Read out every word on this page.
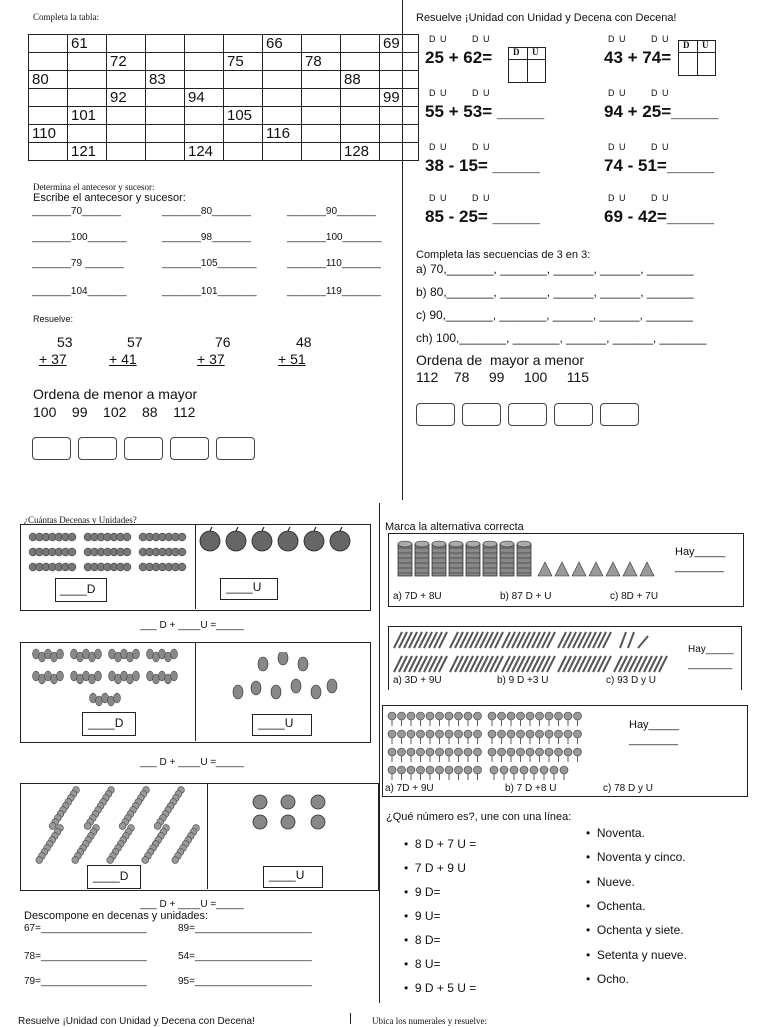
Completa la tabla:
	61					66			69
		72			75		78		
80			83					88	
		92		94					99
	101				105				
110						116			
	121			124				128	
Determina el antecesor y sucesor:
Escribe el antecesor y sucesor:
Resuelve:
Ordena de menor a mayor
100    99    102    88    112
Resuelve ¡Unidad con Unidad y Decena con Decena!
Completa las secuencias de 3 en 3:
Ordena de  mayor a menor
112    78     99     100     115
¿Cuántas Decenas y Unidades?
____D	____U
___ D + ____U =_____
____D	____U
___ D + ____U =_____
____D	____U
___ D + ____U =_____
Descompone en decenas y unidades:
Marca la alternativa correcta
Hay_____
________
Hay_____
________
Hay_____
________
¿Qué número es?, une con una línea:
Resuelve ¡Unidad con Unidad y Decena con Decena!	Ubica los numerales y resuelve:
_______70_______	_______80_______	_______90_______
_______100_______	_______98_______	_______100_______
_______79 _______	_______105_______	_______110_______
_______104_______	_______101_______	_______119_______
53
+ 37
57
+ 41
76
+ 37
48
+ 51
D U       D U
25 + 62=
D U       D U
43 + 74=
D U       D U
55 + 53= _____
D U       D U
94 + 25=_____
D U       D U
38 - 15= _____
D U       D U
74 - 51=_____
D U       D U
85 - 25= _____
D U       D U
69 - 42=_____
D U
D U
a) 70,_______, _______, ______, ______, _______
b) 80,_______, _______, ______, ______, _______
c) 90,_______, _______, ______, ______, _______
ch) 100,_______, _______, ______, ______, _______
67=___________________	89=_____________________
78=___________________	54=_____________________
79=___________________	95=_____________________
a) 7D + 8U	b) 87 D + U	c) 8D + 7U
a) 3D + 9U	b) 9 D +3 U	c) 93 D y U
a) 7D + 9U	b) 7 D +8 U	c) 78 D y U
•  8 D + 7 U =
•  7 D + 9 U
•  9 D=
•  9 U=
•  8 D=
•  8 U=
•  9 D + 5 U =
•  Noventa.
•  Noventa y cinco.
•  Nueve.
•  Ochenta.
•  Ochenta y siete.
•  Setenta y nueve.
•  Ocho.
